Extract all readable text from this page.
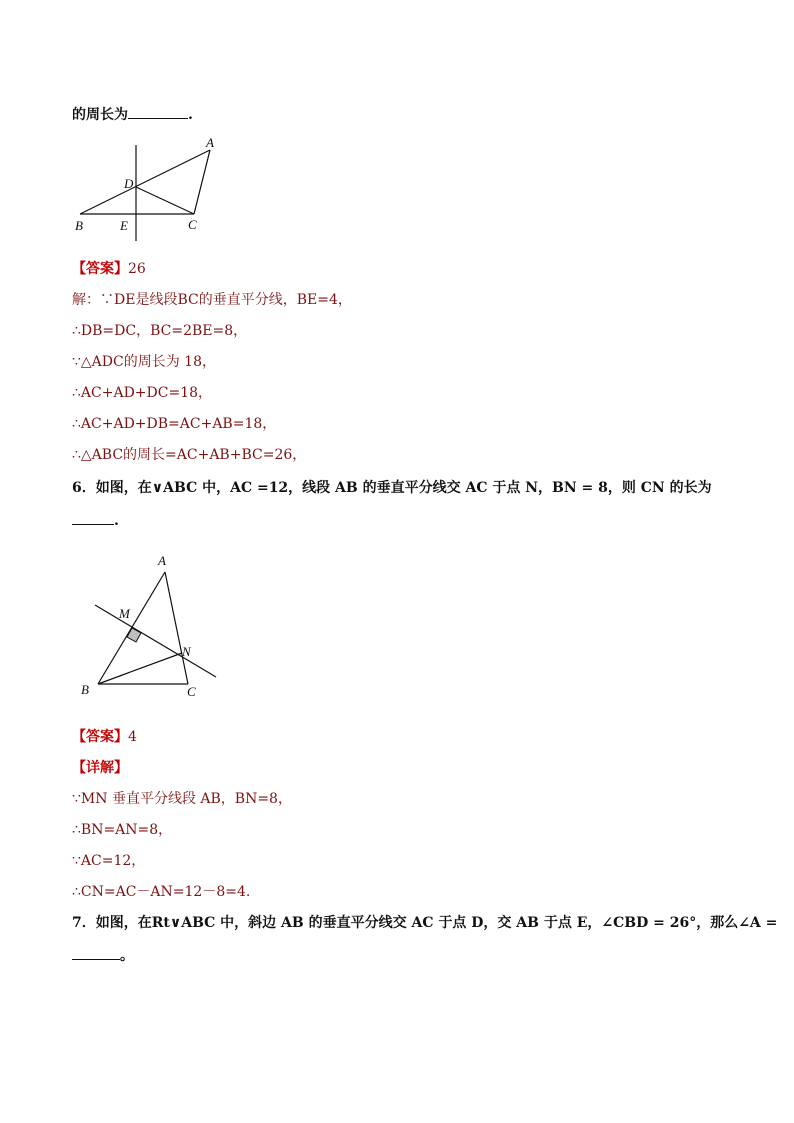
的周长为	.
A
D
B	E	C
【答案】26
解：∵DE是线段BC的垂直平分线，BE=4，
∴DB=DC，BC=2BE=8，
∵△ADC的周长为 18，
∴AC+AD+DC=18，
∴AC+AD+DB=AC+AB=18，
∴△ABC的周长=AC+AB+BC=26，
6．如图，在∨ABC 中，AC =12，线段 AB 的垂直平分线交 AC 于点 N，BN = 8，则 CN 的长为
.
A
M
N
B	C
【答案】4
【详解】
∵MN 垂直平分线段 AB，BN=8，
∴BN=AN=8，
∵AC=12，
∴CN=AC－AN=12－8=4.
7．如图，在Rt∨ABC 中，斜边 AB 的垂直平分线交 AC 于点 D，交 AB 于点 E，∠CBD = 26°，那么∠A =
。
